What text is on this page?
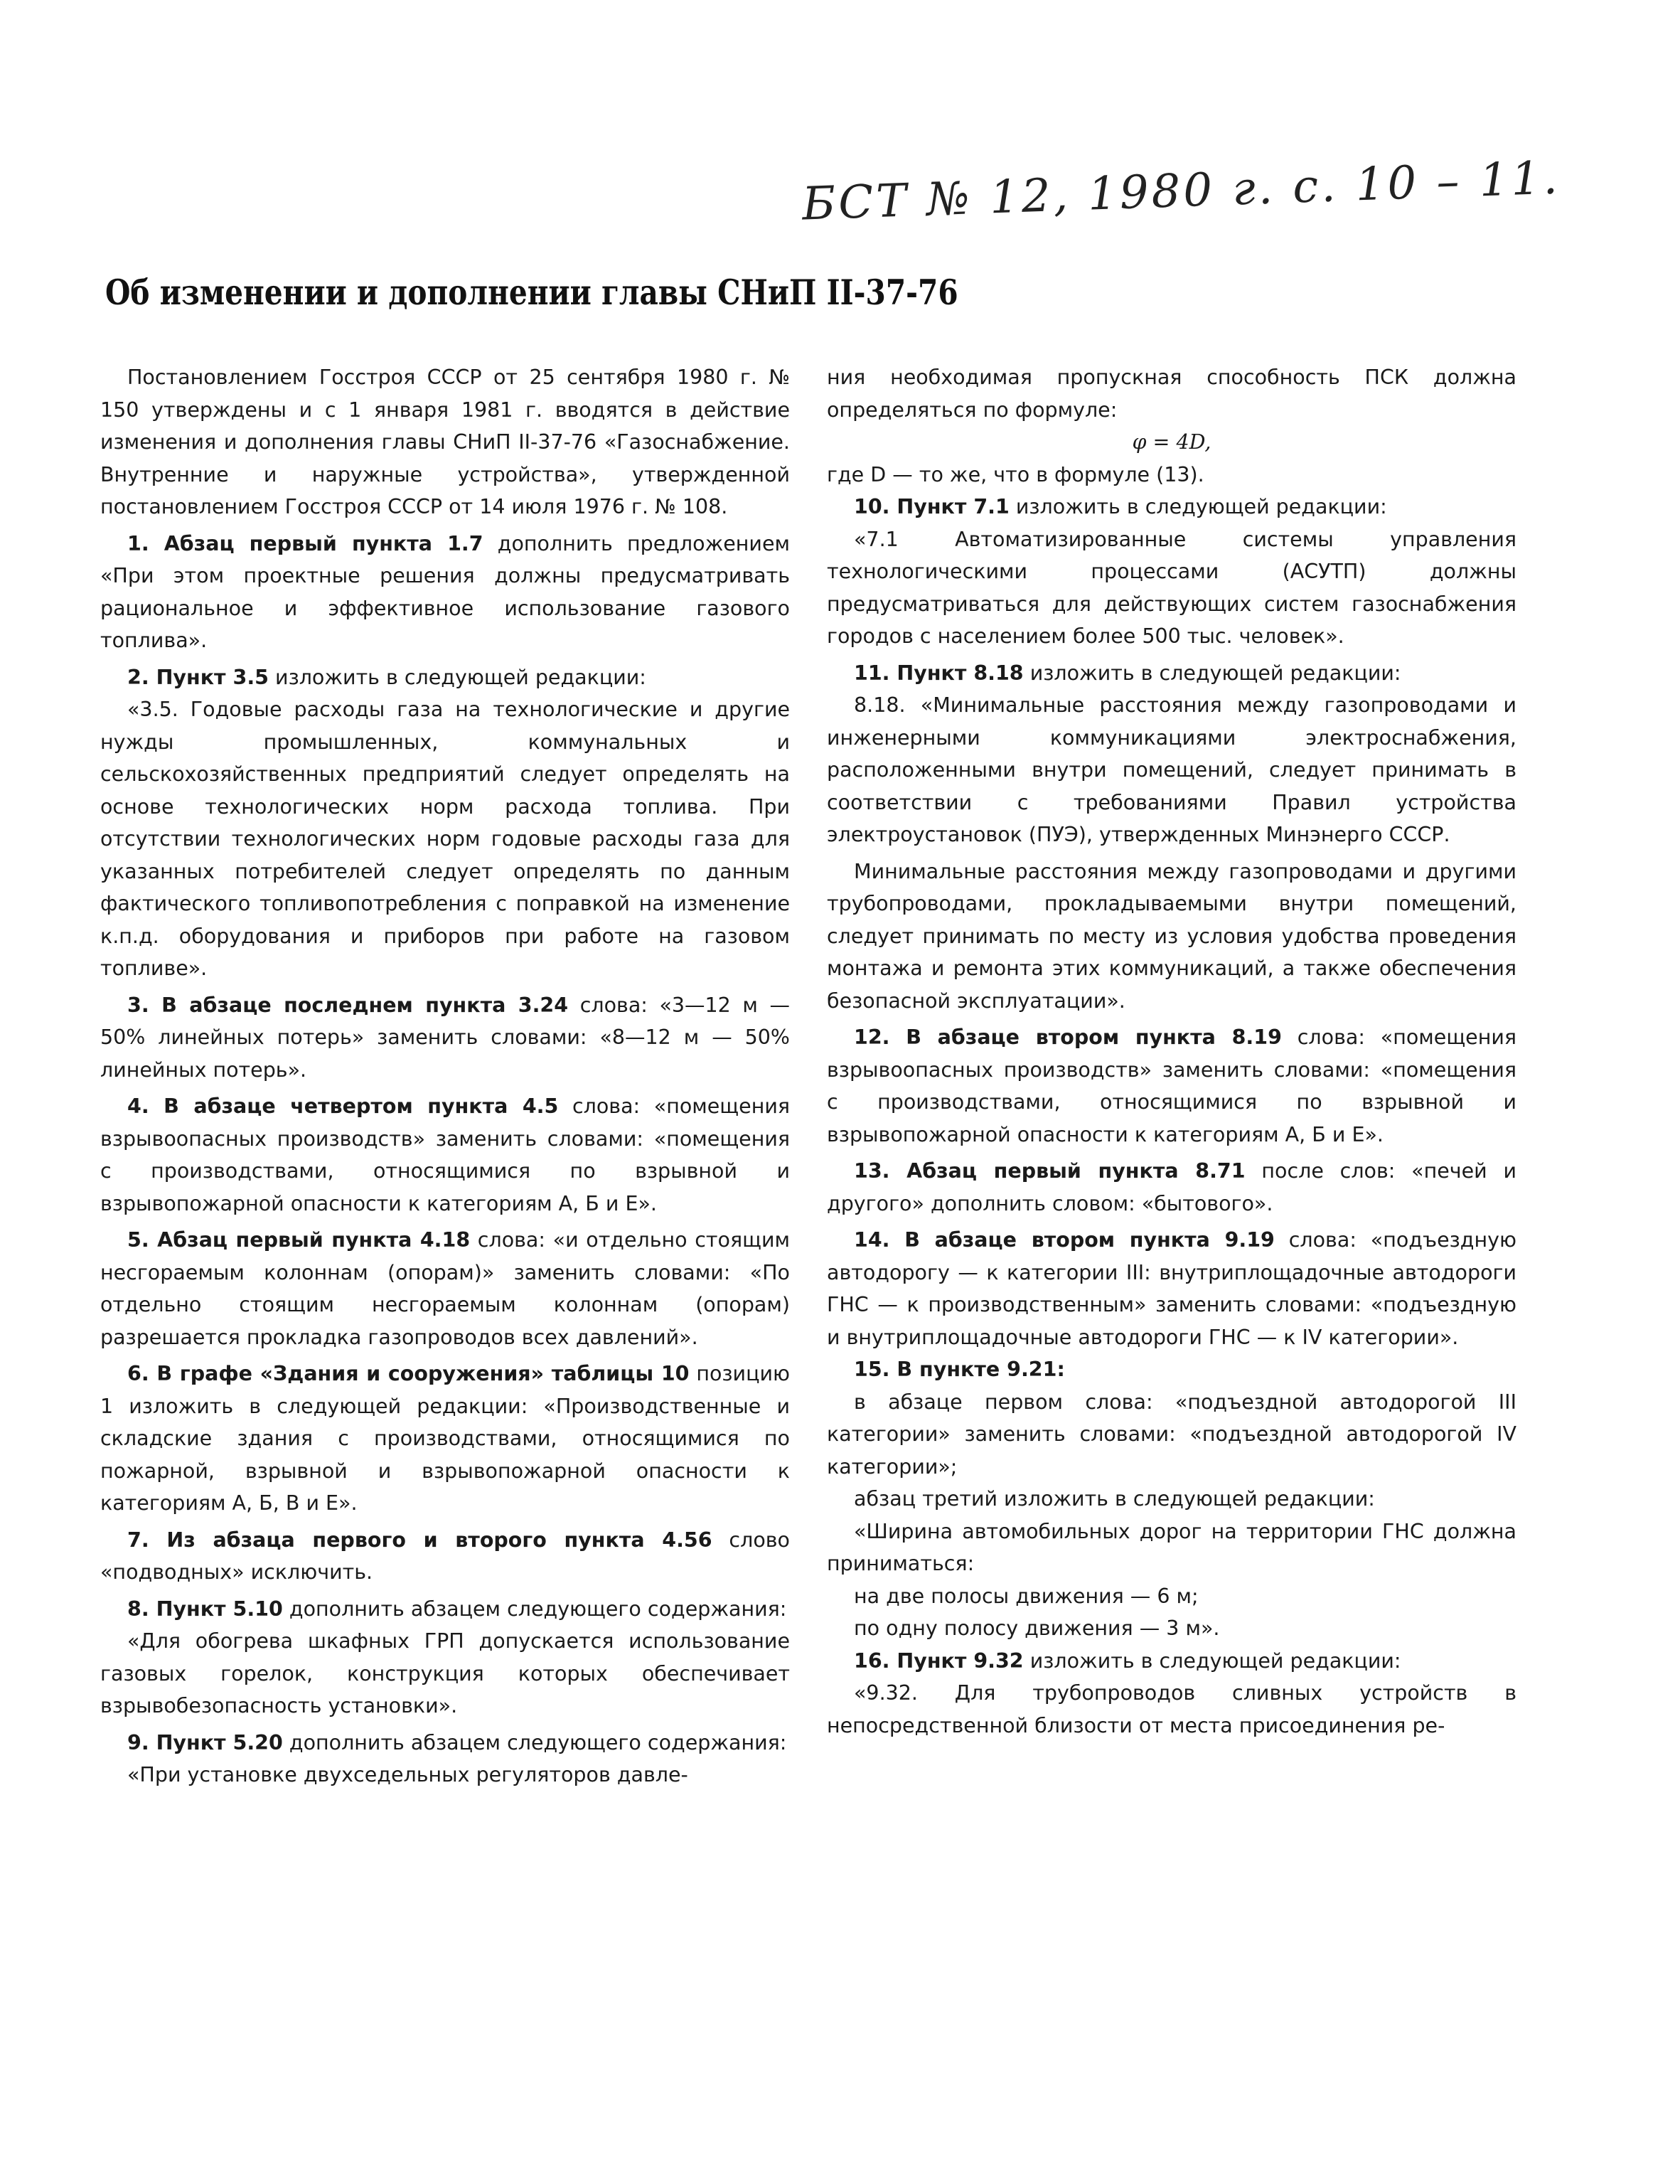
БСТ № 12, 1980 г. с. 10 – 11.
Об изменении и дополнении главы СНиП II-37-76

Постановлением Госстроя СССР от 25 сентября 1980 г. № 150 утверждены и с 1 января 1981 г. вводятся в действие изменения и дополнения главы СНиП II-37-76 «Газоснабжение. Внутренние и наружные устройства», утвержденной постановлением Госстроя СССР от 14 июля 1976 г. № 108.

1. Абзац первый пункта 1.7 дополнить предложением «При этом проектные решения должны предусматривать рациональное и эффективное использование газового топлива».

2. Пункт 3.5 изложить в следующей редакции:

«3.5. Годовые расходы газа на технологические и другие нужды промышленных, коммунальных и сельскохозяйственных предприятий следует определять на основе технологических норм расхода топлива. При отсутствии технологических норм годовые расходы газа для указанных потребителей следует определять по данным фактического топливопотребления с поправкой на изменение к.п.д. оборудования и приборов при работе на газовом топливе».

3. В абзаце последнем пункта 3.24 слова: «3—12 м — 50% линейных потерь» заменить словами: «8—12 м — 50% линейных потерь».

4. В абзаце четвертом пункта 4.5 слова: «помещения взрывоопасных производств» заменить словами: «помещения с производствами, относящимися по взрывной и взрывопожарной опасности к категориям А, Б и Е».

5. Абзац первый пункта 4.18 слова: «и отдельно стоящим несгораемым колоннам (опорам)» заменить словами: «По отдельно стоящим несгораемым колоннам (опорам) разрешается прокладка газопроводов всех давлений».

6. В графе «Здания и сооружения» таблицы 10 позицию 1 изложить в следующей редакции: «Производственные и складские здания с производствами, относящимися по пожарной, взрывной и взрывопожарной опасности к категориям А, Б, В и Е».

7. Из абзаца первого и второго пункта 4.56 слово «подводных» исключить.

8. Пункт 5.10 дополнить абзацем следующего содержания:

«Для обогрева шкафных ГРП допускается использование газовых горелок, конструкция которых обеспечивает взрывобезопасность установки».

9. Пункт 5.20 дополнить абзацем следующего содержания:

«При установке двухседельных регуляторов давле-

ния необходимая пропускная способность ПСК должна определяться по формуле:

φ = 4D,

где D — то же, что в формуле (13).

10. Пункт 7.1 изложить в следующей редакции:

«7.1 Автоматизированные системы управления технологическими процессами (АСУТП) должны предусматриваться для действующих систем газоснабжения городов с населением более 500 тыс. человек».

11. Пункт 8.18 изложить в следующей редакции:

8.18. «Минимальные расстояния между газопроводами и инженерными коммуникациями электроснабжения, расположенными внутри помещений, следует принимать в соответствии с требованиями Правил устройства электроустановок (ПУЭ), утвержденных Минэнерго СССР.

Минимальные расстояния между газопроводами и другими трубопроводами, прокладываемыми внутри помещений, следует принимать по месту из условия удобства проведения монтажа и ремонта этих коммуникаций, а также обеспечения безопасной эксплуатации».

12. В абзаце втором пункта 8.19 слова: «помещения взрывоопасных производств» заменить словами: «помещения с производствами, относящимися по взрывной и взрывопожарной опасности к категориям А, Б и Е».

13. Абзац первый пункта 8.71 после слов: «печей и другого» дополнить словом: «бытового».

14. В абзаце втором пункта 9.19 слова: «подъездную автодорогу — к категории III: внутриплощадочные автодороги ГНС — к производственным» заменить словами: «подъездную и внутриплощадочные автодороги ГНС — к IV категории».

15. В пункте 9.21:

в абзаце первом слова: «подъездной автодорогой III категории» заменить словами: «подъездной автодорогой IV категории»;

абзац третий изложить в следующей редакции:

«Ширина автомобильных дорог на территории ГНС должна приниматься:

на две полосы движения — 6 м;

по одну полосу движения — 3 м».

16. Пункт 9.32 изложить в следующей редакции:

«9.32. Для трубопроводов сливных устройств в непосредственной близости от места присоединения ре-
